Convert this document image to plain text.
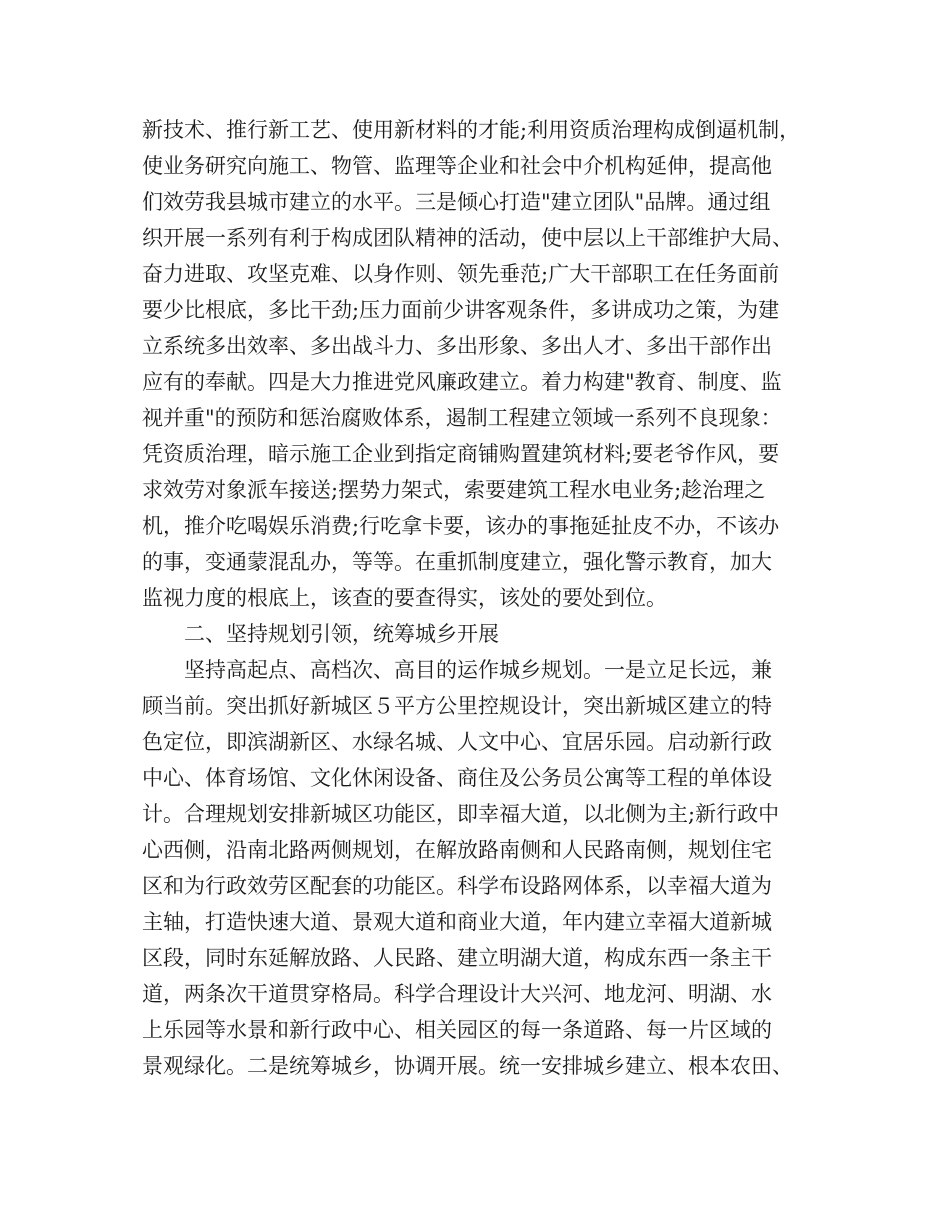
新技术、推行新工艺、使用新材料的才能;利用资质治理构成倒逼机制，
使业务研究向施工、物管、监理等企业和社会中介机构延伸，提高他
们效劳我县城市建立的水平。三是倾心打造"建立团队"品牌。通过组
织开展一系列有利于构成团队精神的活动，使中层以上干部维护大局、
奋力进取、攻坚克难、以身作则、领先垂范;广大干部职工在任务面前
要少比根底，多比干劲;压力面前少讲客观条件，多讲成功之策，为建
立系统多出效率、多出战斗力、多出形象、多出人才、多出干部作出
应有的奉献。四是大力推进党风廉政建立。着力构建"教育、制度、监
视并重"的预防和惩治腐败体系，遏制工程建立领域一系列不良现象：
凭资质治理，暗示施工企业到指定商铺购置建筑材料;要老爷作风，要
求效劳对象派车接送;摆势力架式，索要建筑工程水电业务;趁治理之
机，推介吃喝娱乐消费;行吃拿卡要，该办的事拖延扯皮不办，不该办
的事，变通蒙混乱办，等等。在重抓制度建立，强化警示教育，加大
监视力度的根底上，该查的要查得实，该处的要处到位。
二、坚持规划引领，统筹城乡开展
坚持高起点、高档次、高目的运作城乡规划。一是立足长远，兼
顾当前。突出抓好新城区５平方公里控规设计，突出新城区建立的特
色定位，即滨湖新区、水绿名城、人文中心、宜居乐园。启动新行政
中心、体育场馆、文化休闲设备、商住及公务员公寓等工程的单体设
计。合理规划安排新城区功能区，即幸福大道，以北侧为主;新行政中
心西侧，沿南北路两侧规划，在解放路南侧和人民路南侧，规划住宅
区和为行政效劳区配套的功能区。科学布设路网体系，以幸福大道为
主轴，打造快速大道、景观大道和商业大道，年内建立幸福大道新城
区段，同时东延解放路、人民路、建立明湖大道，构成东西一条主干
道，两条次干道贯穿格局。科学合理设计大兴河、地龙河、明湖、水
上乐园等水景和新行政中心、相关园区的每一条道路、每一片区域的
景观绿化。二是统筹城乡，协调开展。统一安排城乡建立、根本农田、
